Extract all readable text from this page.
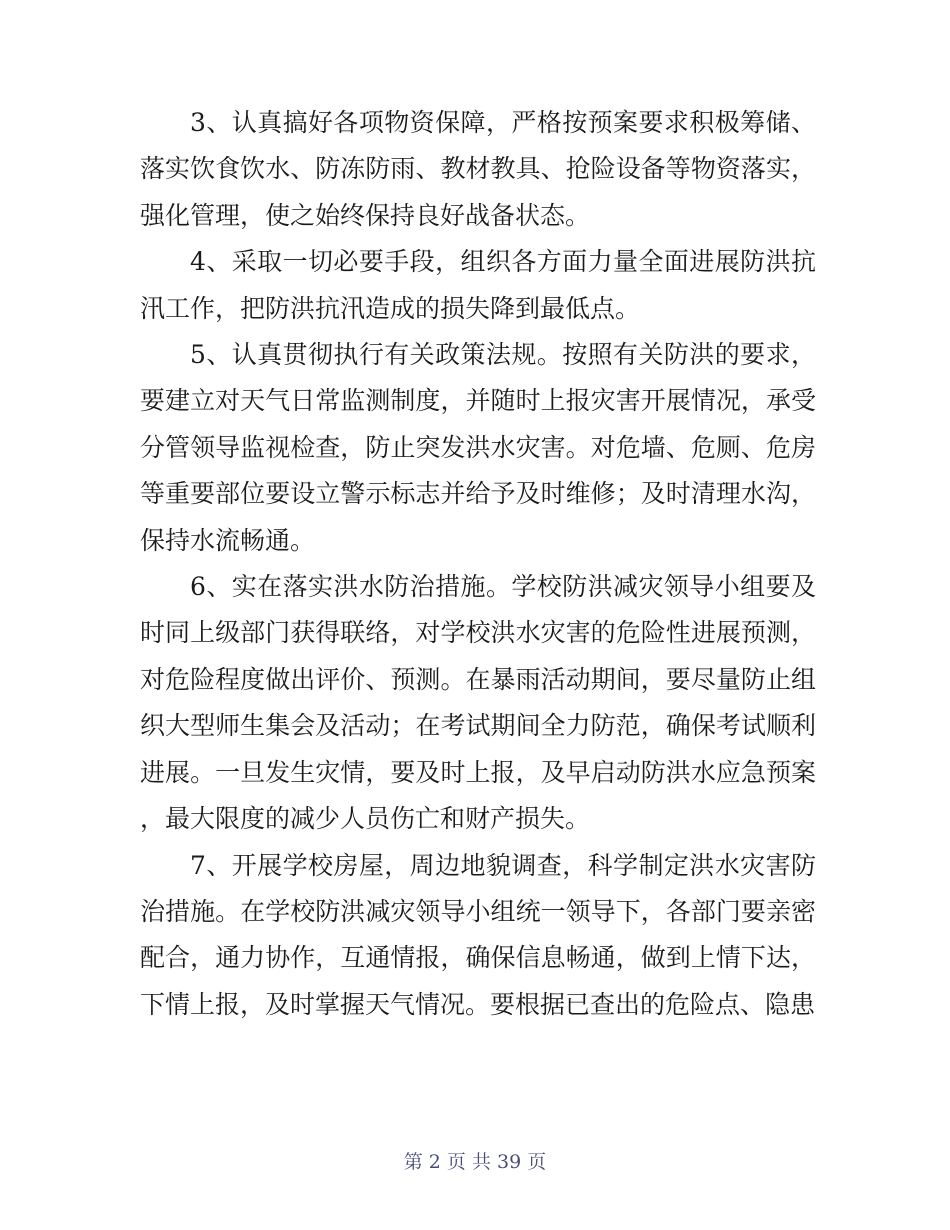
3、认真搞好各项物资保障，严格按预案要求积极筹储、落实饮食饮水、防冻防雨、教材教具、抢险设备等物资落实，强化管理，使之始终保持良好战备状态。

4、采取一切必要手段，组织各方面力量全面进展防洪抗汛工作，把防洪抗汛造成的损失降到最低点。

5、认真贯彻执行有关政策法规。按照有关防洪的要求，要建立对天气日常监测制度，并随时上报灾害开展情况，承受分管领导监视检查，防止突发洪水灾害。对危墙、危厕、危房等重要部位要设立警示标志并给予及时维修；及时清理水沟，保持水流畅通。

6、实在落实洪水防治措施。学校防洪减灾领导小组要及时同上级部门获得联络，对学校洪水灾害的危险性进展预测，对危险程度做出评价、预测。在暴雨活动期间，要尽量防止组织大型师生集会及活动；在考试期间全力防范，确保考试顺利进展。一旦发生灾情，要及时上报，及早启动防洪水应急预案，最大限度的减少人员伤亡和财产损失。

7、开展学校房屋，周边地貌调查，科学制定洪水灾害防治措施。在学校防洪减灾领导小组统一领导下，各部门要亲密配合，通力协作，互通情报，确保信息畅通，做到上情下达，下情上报，及时掌握天气情况。要根据已查出的危险点、隐患

第 2 页 共 39 页
